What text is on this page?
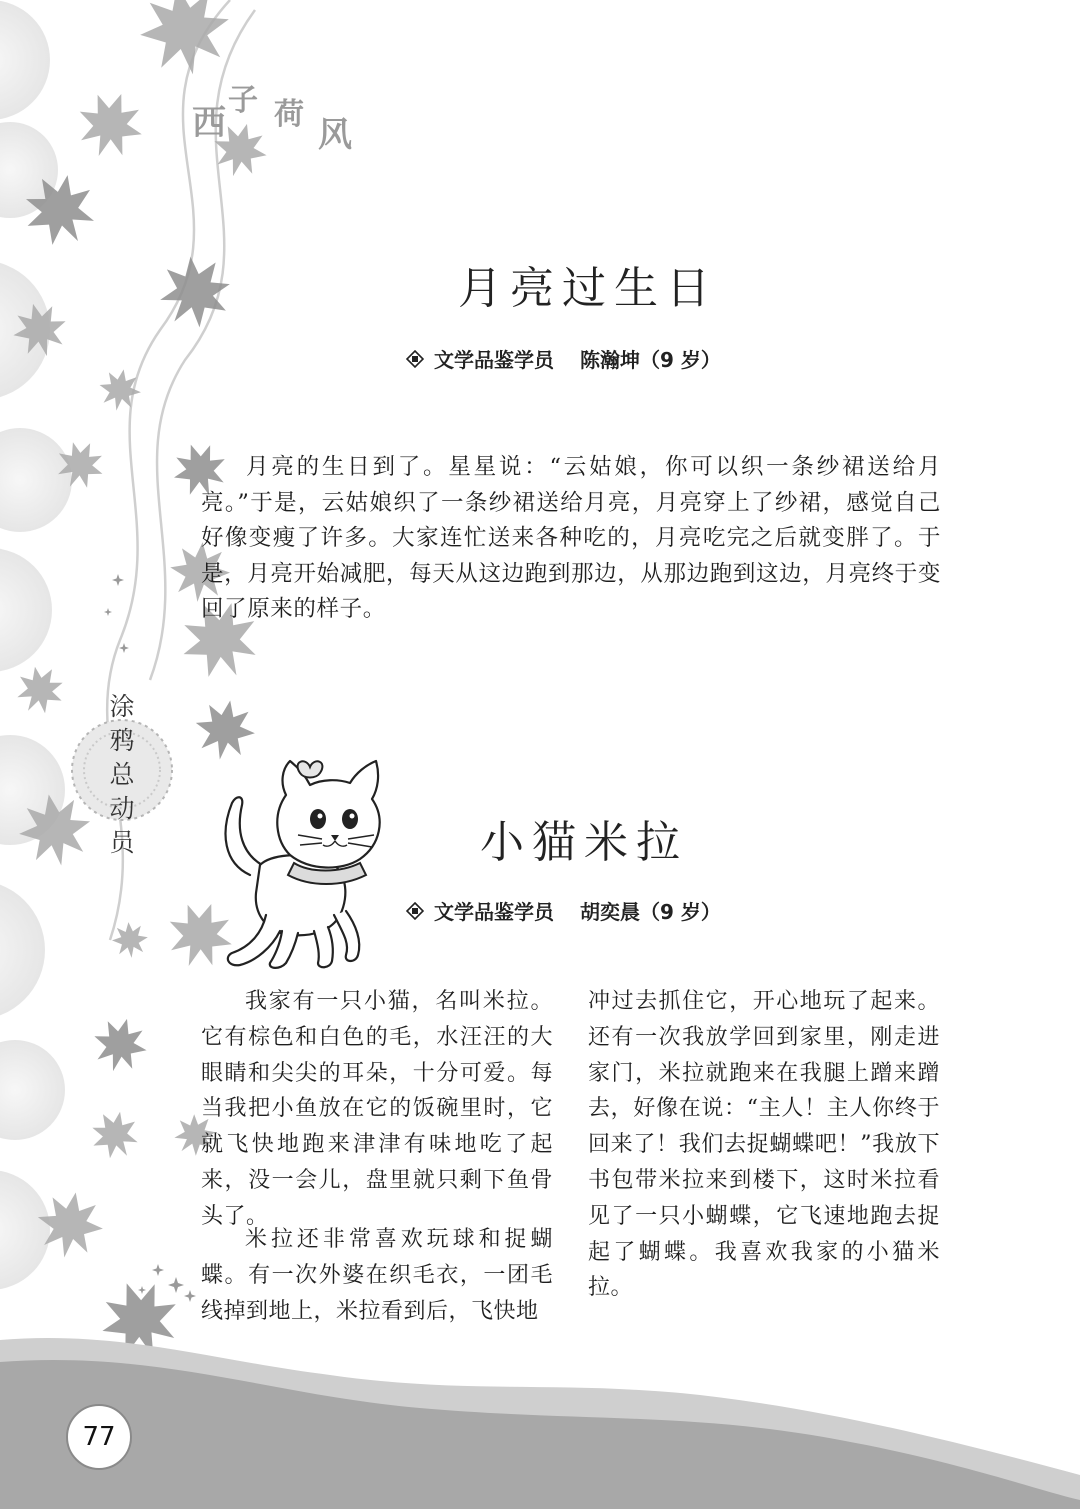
西
子 荷
风
月亮过生日
文学品鉴学员 陈瀚坤（9 岁）

月亮的生日到了。星星说：“云姑娘，你可以织一条纱裙送给月亮。”于是，云姑娘织了一条纱裙送给月亮，月亮穿上了纱裙，感觉自己好像变瘦了许多。大家连忙送来各种吃的，月亮吃完之后就变胖了。于是，月亮开始减肥，每天从这边跑到那边，从那边跑到这边，月亮终于变回了原来的样子。

涂
鸦
总
动
员	小猫米拉
文学品鉴学员 胡奕晨（9 岁）

我家有一只小猫，名叫米拉。它有棕色和白色的毛，水汪汪的大眼睛和尖尖的耳朵，十分可爱。每当我把小鱼放在它的饭碗里时，它就飞快地跑来津津有味地吃了起来，没一会儿，盘里就只剩下鱼骨头了。

米拉还非常喜欢玩球和捉蝴蝶。有一次外婆在织毛衣，一团毛线掉到地上，米拉看到后，飞快地

冲过去抓住它，开心地玩了起来。还有一次我放学回到家里，刚走进家门，米拉就跑来在我腿上蹭来蹭去，好像在说：“主人！主人你终于回来了！我们去捉蝴蝶吧！”我放下书包带米拉来到楼下，这时米拉看见了一只小蝴蝶，它飞速地跑去捉起了蝴蝶。我喜欢我家的小猫米拉。

77
